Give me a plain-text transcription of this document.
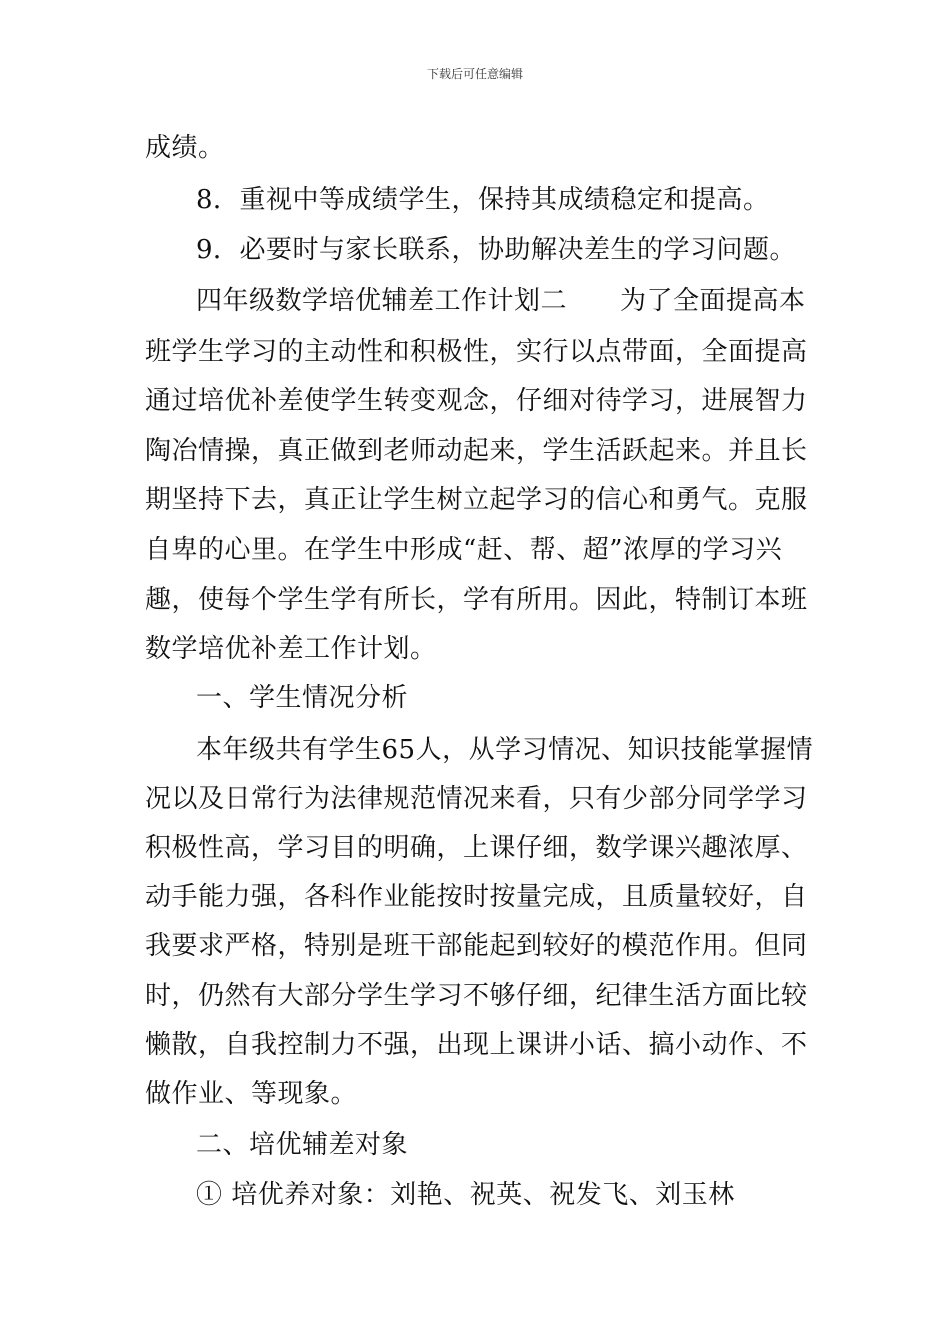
下载后可任意编辑
成绩。
8．重视中等成绩学生，保持其成绩稳定和提高。
9．必要时与家长联系，协助解决差生的学习问题。
四年级数学培优辅差工作计划二　　为了全面提高本
班学生学习的主动性和积极性，实行以点带面，全面提高
通过培优补差使学生转变观念，仔细对待学习，进展智力
陶冶情操，真正做到老师动起来，学生活跃起来。并且长
期坚持下去，真正让学生树立起学习的信心和勇气。克服
自卑的心里。在学生中形成“赶、帮、超”浓厚的学习兴
趣，使每个学生学有所长，学有所用。因此，特制订本班
数学培优补差工作计划。
一、学生情况分析
本年级共有学生65人，从学习情况、知识技能掌握情
况以及日常行为法律规范情况来看，只有少部分同学学习
积极性高，学习目的明确，上课仔细，数学课兴趣浓厚、
动手能力强，各科作业能按时按量完成，且质量较好，自
我要求严格，特别是班干部能起到较好的模范作用。但同
时，仍然有大部分学生学习不够仔细，纪律生活方面比较
懒散，自我控制力不强，出现上课讲小话、搞小动作、不
做作业、等现象。
二、培优辅差对象
① 培优养对象：刘艳、祝英、祝发飞、刘玉林
